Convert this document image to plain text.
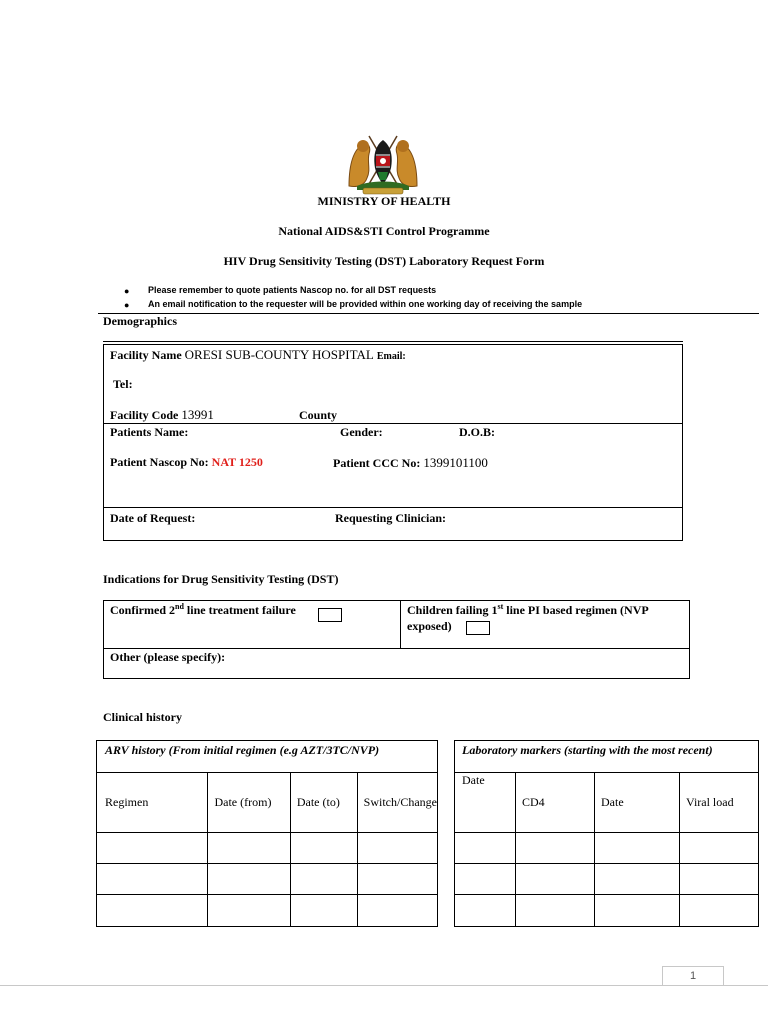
MINISTRY OF HEALTH
National AIDS&STI Control Programme
HIV Drug Sensitivity Testing (DST) Laboratory Request Form
● Please remember to quote patients Nascop no. for all DST requests
● An email notification to the requester will be provided within one working day of receiving the sample
Demographics
Facility Name ORESI SUB-COUNTY HOSPITAL Email:
Tel:
Facility Code 13991	County
Patients Name:	Gender:	D.O.B:
Patient Nascop No: NAT 1250	Patient CCC No: 1399101100
Date of Request:	Requesting Clinician:
Indications for Drug Sensitivity Testing (DST)
Confirmed 2nd line treatment failure	Children failing 1st line PI based regimen (NVP
exposed)
Other (please specify):
Clinical history
ARV history (From initial regimen (e.g AZT/3TC/NVP)			
Regimen	Date (from)	Date (to)	Switch/Change

Laboratory markers (starting with the most recent)			
Date	CD4	Date	Viral load

1
